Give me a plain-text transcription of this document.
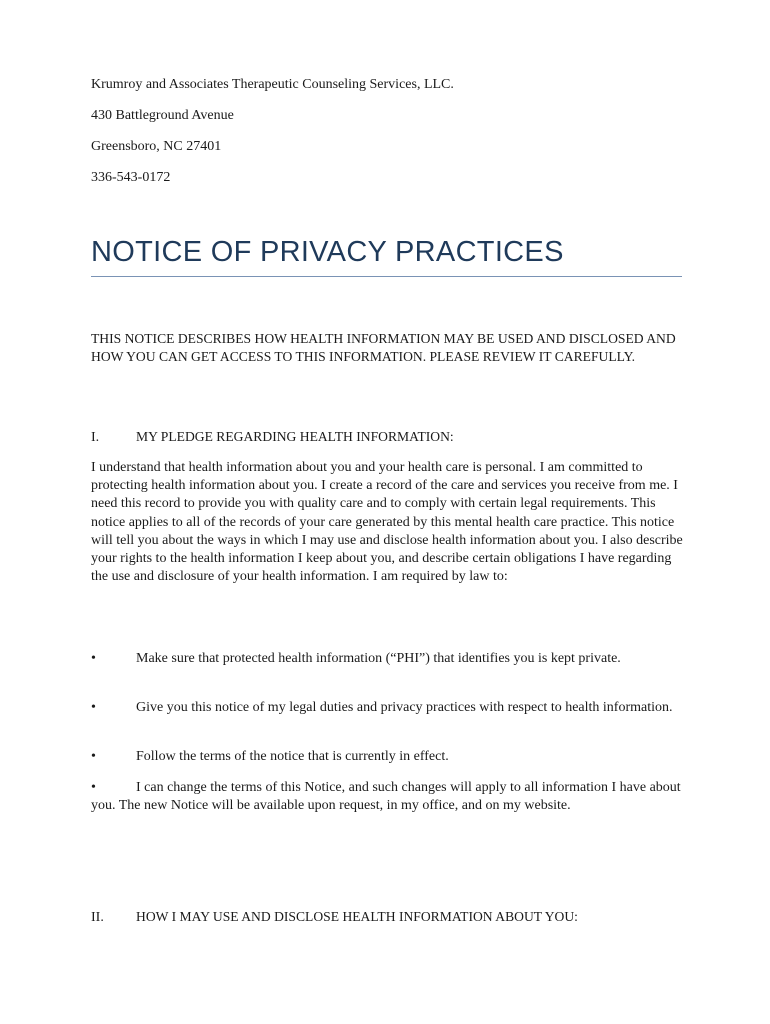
Krumroy and Associates Therapeutic Counseling Services, LLC.
430 Battleground Avenue
Greensboro, NC 27401
336-543-0172
NOTICE OF PRIVACY PRACTICES
THIS NOTICE DESCRIBES HOW HEALTH INFORMATION MAY BE USED AND DISCLOSED AND HOW YOU CAN GET ACCESS TO THIS INFORMATION. PLEASE REVIEW IT CAREFULLY.
I.	MY PLEDGE REGARDING HEALTH INFORMATION:
I understand that health information about you and your health care is personal. I am committed to protecting health information about you. I create a record of the care and services you receive from me. I need this record to provide you with quality care and to comply with certain legal requirements. This notice applies to all of the records of your care generated by this mental health care practice. This notice will tell you about the ways in which I may use and disclose health information about you. I also describe your rights to the health information I keep about you, and describe certain obligations I have regarding the use and disclosure of your health information. I am required by law to:
•	Make sure that protected health information (“PHI”) that identifies you is kept private.
•	Give you this notice of my legal duties and privacy practices with respect to health information.
•	Follow the terms of the notice that is currently in effect.
•	I can change the terms of this Notice, and such changes will apply to all information I have about you. The new Notice will be available upon request, in my office, and on my website.
II. HOW I MAY USE AND DISCLOSE HEALTH INFORMATION ABOUT YOU:
